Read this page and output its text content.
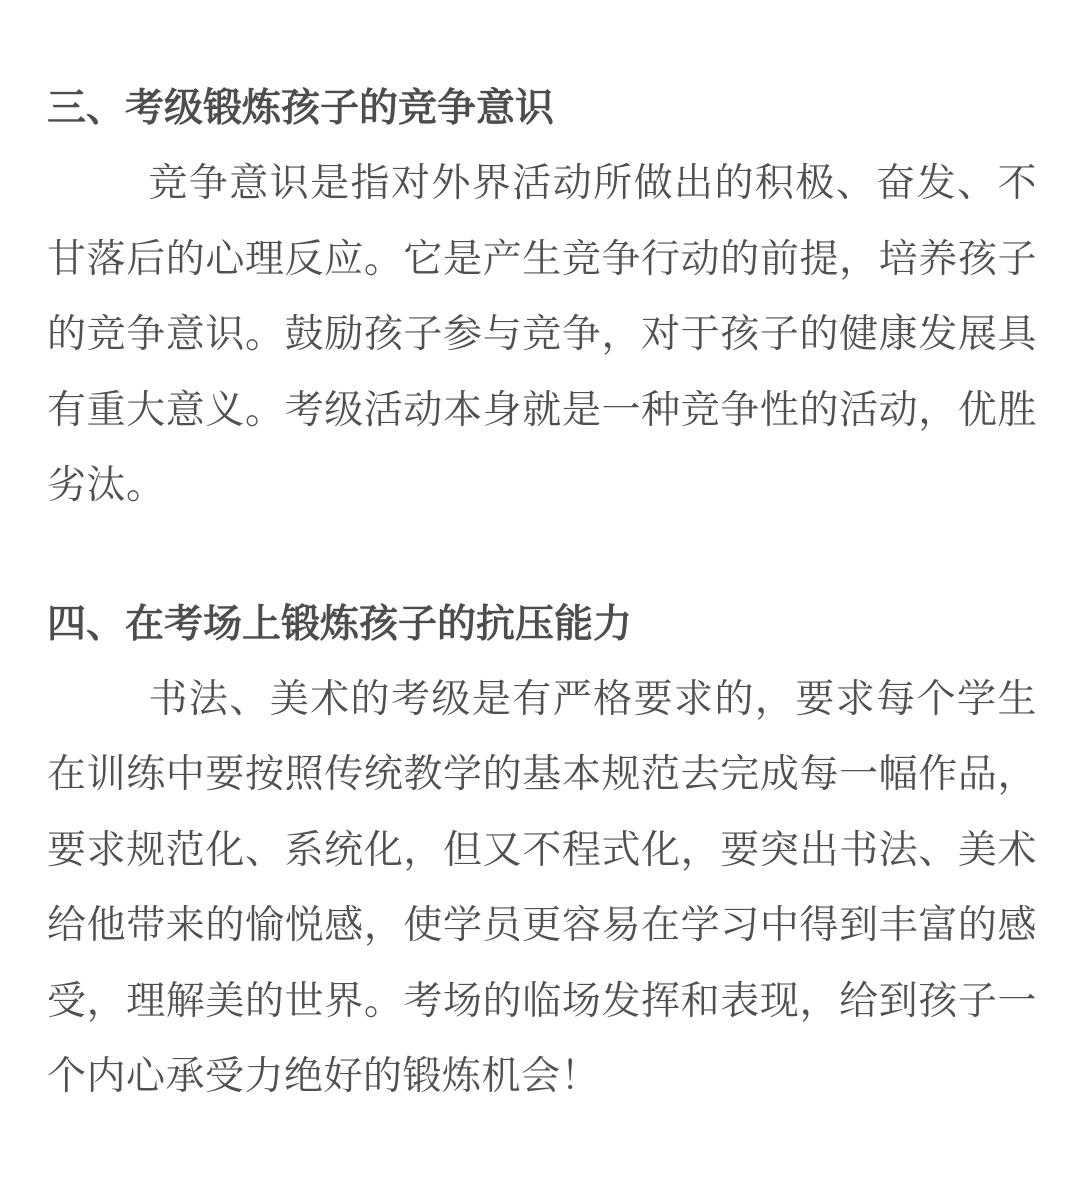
三、考级锻炼孩子的竞争意识

竞争意识是指对外界活动所做出的积极、奋发、不甘落后的心理反应。它是产生竞争行动的前提，培养孩子的竞争意识。鼓励孩子参与竞争，对于孩子的健康发展具有重大意义。考级活动本身就是一种竞争性的活动，优胜劣汰。

四、在考场上锻炼孩子的抗压能力

书法、美术的考级是有严格要求的，要求每个学生在训练中要按照传统教学的基本规范去完成每一幅作品，要求规范化、系统化，但又不程式化，要突出书法、美术给他带来的愉悦感，使学员更容易在学习中得到丰富的感受，理解美的世界。考场的临场发挥和表现，给到孩子一个内心承受力绝好的锻炼机会！
